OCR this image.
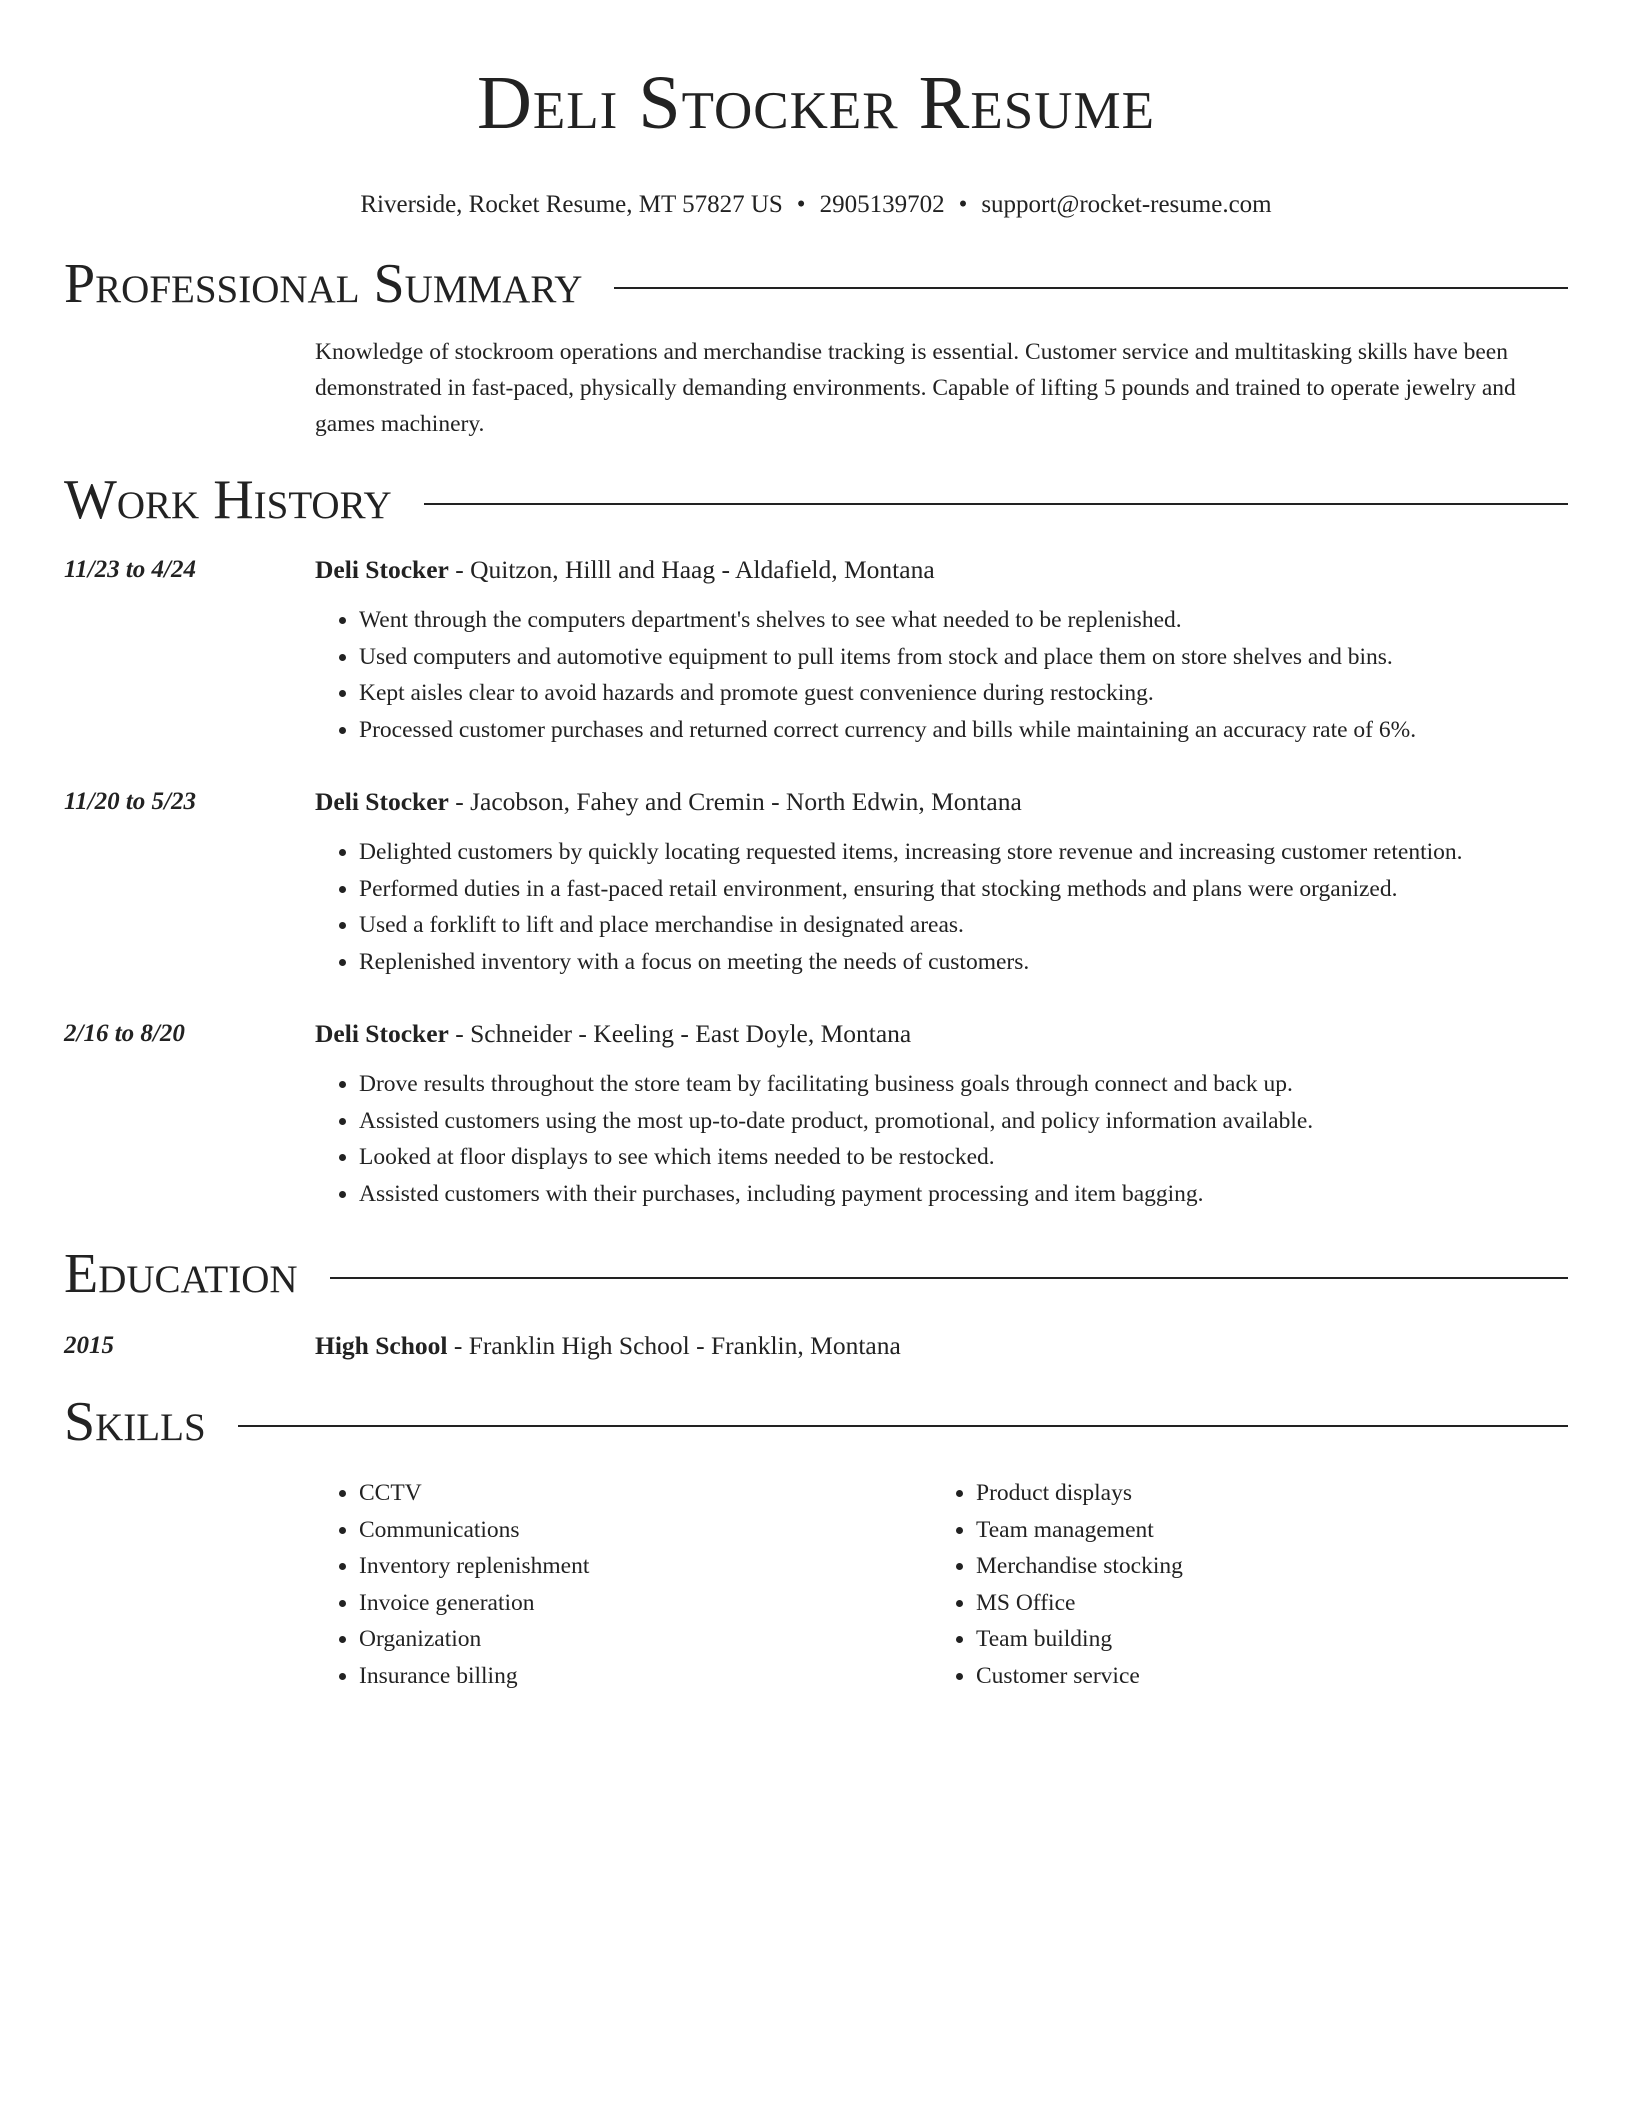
Deli Stocker Resume
Riverside, Rocket Resume, MT 57827 US • 2905139702 • support@rocket-resume.com
Professional Summary
Knowledge of stockroom operations and merchandise tracking is essential. Customer service and multitasking skills have been demonstrated in fast-paced, physically demanding environments. Capable of lifting 5 pounds and trained to operate jewelry and games machinery.
Work History
11/23 to 4/24	Deli Stocker - Quitzon, Hilll and Haag - Aldafield, Montana
• Went through the computers department's shelves to see what needed to be replenished.
• Used computers and automotive equipment to pull items from stock and place them on store shelves and bins.
• Kept aisles clear to avoid hazards and promote guest convenience during restocking.
• Processed customer purchases and returned correct currency and bills while maintaining an accuracy rate of 6%.
11/20 to 5/23	Deli Stocker - Jacobson, Fahey and Cremin - North Edwin, Montana
• Delighted customers by quickly locating requested items, increasing store revenue and increasing customer retention.
• Performed duties in a fast-paced retail environment, ensuring that stocking methods and plans were organized.
• Used a forklift to lift and place merchandise in designated areas.
• Replenished inventory with a focus on meeting the needs of customers.
2/16 to 8/20	Deli Stocker - Schneider - Keeling - East Doyle, Montana
• Drove results throughout the store team by facilitating business goals through connect and back up.
• Assisted customers using the most up-to-date product, promotional, and policy information available.
• Looked at floor displays to see which items needed to be restocked.
• Assisted customers with their purchases, including payment processing and item bagging.
Education
2015	High School - Franklin High School - Franklin, Montana
Skills
• CCTV
• Communications
• Inventory replenishment
• Invoice generation
• Organization
• Insurance billing
• Product displays
• Team management
• Merchandise stocking
• MS Office
• Team building
• Customer service
